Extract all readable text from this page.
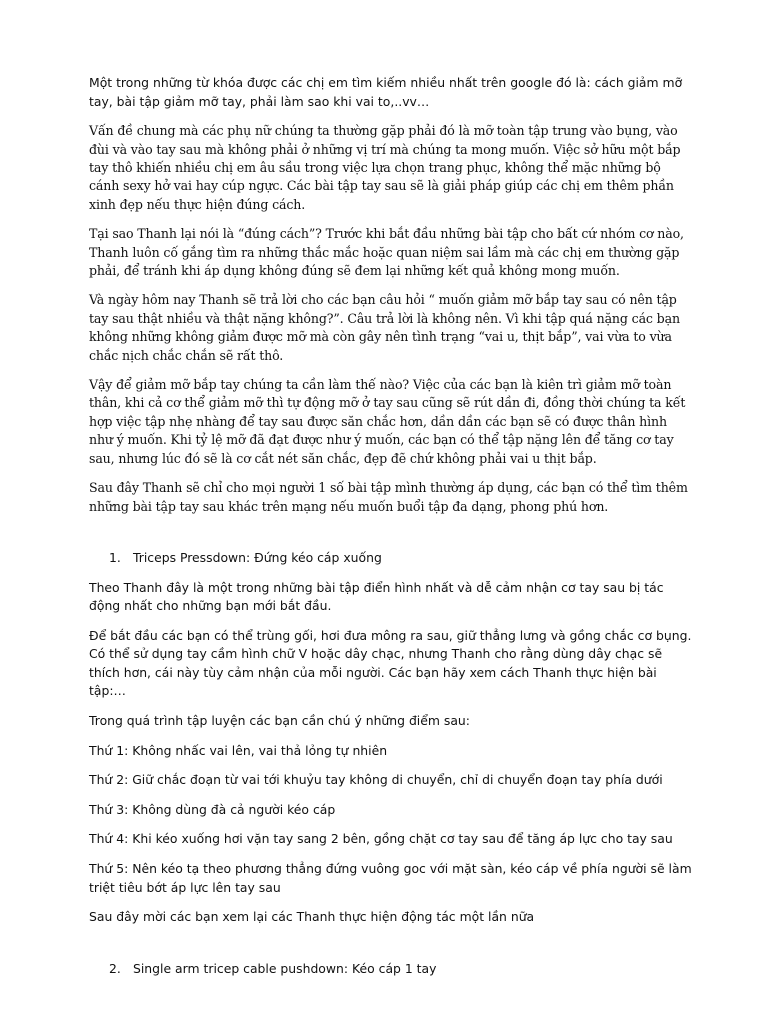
Một trong những từ khóa được các chị em tìm kiếm nhiều nhất trên google đó là: cách giảm mỡ tay, bài tập giảm mỡ tay, phải làm sao khi vai to,..vv…

Vấn đề chung mà các phụ nữ chúng ta thường gặp phải đó là mỡ toàn tập trung vào bụng, vào đùi và vào tay sau mà không phải ở những vị trí mà chúng ta mong muốn. Việc sở hữu một bắp tay thô khiến nhiều chị em âu sầu trong việc lựa chọn trang phục, không thể mặc những bộ cánh sexy hở vai hay cúp ngực. Các bài tập tay sau sẽ là giải pháp giúp các chị em thêm phần xinh đẹp nếu thực hiện đúng cách.

Tại sao Thanh lại nói là “đúng cách”? Trước khi bắt đầu những bài tập cho bất cứ nhóm cơ nào, Thanh luôn cố gắng tìm ra những thắc mắc hoặc quan niệm sai lầm mà các chị em thường gặp phải, để tránh khi áp dụng không đúng sẽ đem lại những kết quả không mong muốn.

Và ngày hôm nay Thanh sẽ trả lời cho các bạn câu hỏi “ muốn giảm mỡ bắp tay sau có nên tập tay sau thật nhiều và thật nặng không?”. Câu trả lời là không nên. Vì khi tập quá nặng các bạn không những không giảm được mỡ mà còn gây nên tình trạng “vai u, thịt bắp”, vai vừa to vừa chắc nịch chắc chắn sẽ rất thô.

Vậy để giảm mỡ bắp tay chúng ta cần làm thế nào? Việc của các bạn là kiên trì giảm mỡ toàn thân, khi cả cơ thể giảm mỡ thì tự động mỡ ở tay sau cũng sẽ rút dần đi, đồng thời chúng ta kết hợp việc tập nhẹ nhàng để tay sau được săn chắc hơn, dần dần các bạn sẽ có được thân hình như ý muốn. Khi tỷ lệ mỡ đã đạt được như ý muốn, các bạn có thể tập nặng lên để tăng cơ tay sau, nhưng lúc đó sẽ là cơ cắt nét săn chắc, đẹp đẽ chứ không phải vai u thịt bắp.

Sau đây Thanh sẽ chỉ cho mọi người 1 số bài tập mình thường áp dụng, các bạn có thể tìm thêm những bài tập tay sau khác trên mạng nếu muốn buổi tập đa dạng, phong phú hơn.

1. Triceps Pressdown: Đứng kéo cáp xuống

Theo Thanh đây là một trong những bài tập điển hình nhất và dễ cảm nhận cơ tay sau bị tác động nhất cho những bạn mới bắt đầu.

Để bắt đầu các bạn có thể trùng gối, hơi đưa mông ra sau, giữ thẳng lưng và gồng chắc cơ bụng. Có thể sử dụng tay cầm hình chữ V hoặc dây chạc, nhưng Thanh cho rằng dùng dây chạc sẽ thích hơn, cái này tùy cảm nhận của mỗi người. Các bạn hãy xem cách Thanh thực hiện bài tập:…

Trong quá trình tập luyện các bạn cần chú ý những điểm sau:

Thứ 1: Không nhấc vai lên, vai thả lỏng tự nhiên

Thứ 2: Giữ chắc đoạn từ vai tới khuỷu tay không di chuyển, chỉ di chuyển đoạn tay phía dưới

Thứ 3: Không dùng đà cả người kéo cáp

Thứ 4: Khi kéo xuống hơi vặn tay sang 2 bên, gồng chặt cơ tay sau để tăng áp lực cho tay sau

Thứ 5: Nên kéo tạ theo phương thẳng đứng vuông goc với mặt sàn, kéo cáp về phía người sẽ làm triệt tiêu bớt áp lực lên tay sau

Sau đây mời các bạn xem lại các Thanh thực hiện động tác một lần nữa

2. Single arm tricep cable pushdown: Kéo cáp 1 tay
